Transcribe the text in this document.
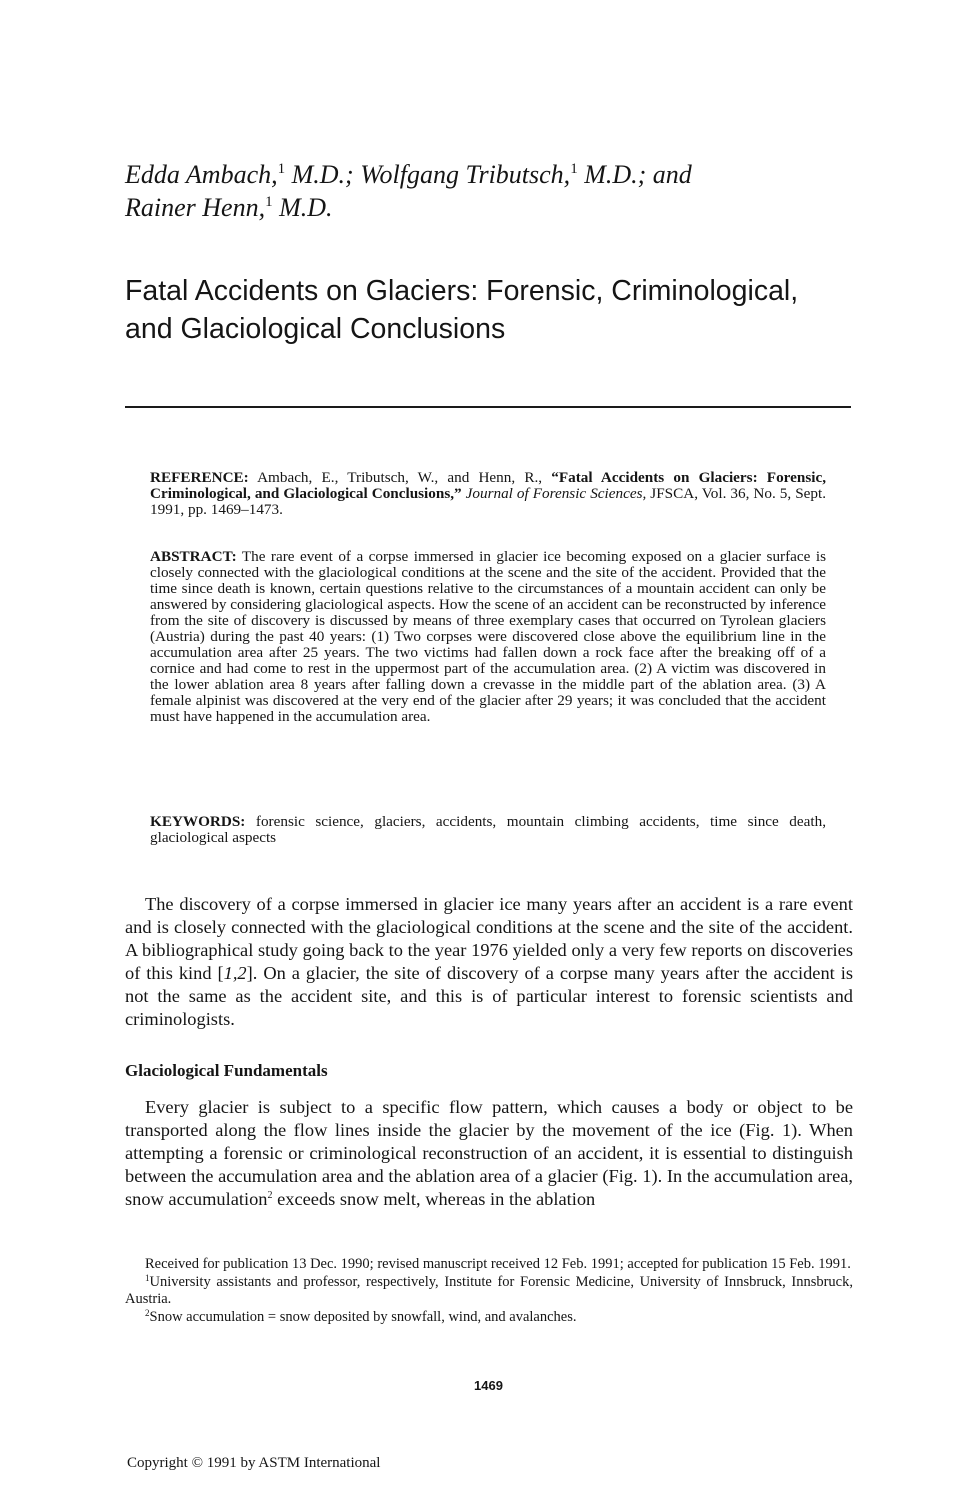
Edda Ambach,$^1$ M.D.; Wolfgang Tributsch,$^1$ M.D.; and
Rainer Henn,$^1$ M.D.
Fatal Accidents on Glaciers: Forensic, Criminological,
and Glaciological Conclusions

REFERENCE: Ambach, E., Tributsch, W., and Henn, R., “Fatal Accidents on Glaciers: Forensic, Criminological, and Glaciological Conclusions,” Journal of Forensic Sciences, JFSCA, Vol. 36, No. 5, Sept. 1991, pp. 1469–1473.

ABSTRACT: The rare event of a corpse immersed in glacier ice becoming exposed on a glacier surface is closely connected with the glaciological conditions at the scene and the site of the accident. Provided that the time since death is known, certain questions relative to the circumstances of a mountain accident can only be answered by considering glaciological aspects. How the scene of an accident can be reconstructed by inference from the site of discovery is discussed by means of three exemplary cases that occurred on Tyrolean glaciers (Austria) during the past 40 years: (1) Two corpses were discovered close above the equilibrium line in the accumulation area after 25 years. The two victims had fallen down a rock face after the breaking off of a cornice and had come to rest in the uppermost part of the accumulation area. (2) A victim was discovered in the lower ablation area 8 years after falling down a crevasse in the middle part of the ablation area. (3) A female alpinist was discovered at the very end of the glacier after 29 years; it was concluded that the accident must have happened in the accumulation area.

KEYWORDS: forensic science, glaciers, accidents, mountain climbing accidents, time since death, glaciological aspects

The discovery of a corpse immersed in glacier ice many years after an accident is a rare event and is closely connected with the glaciological conditions at the scene and the site of the accident. A bibliographical study going back to the year 1976 yielded only a very few reports on discoveries of this kind [1,2]. On a glacier, the site of discovery of a corpse many years after the accident is not the same as the accident site, and this is of particular interest to forensic scientists and criminologists.

Glaciological Fundamentals

Every glacier is subject to a specific flow pattern, which causes a body or object to be transported along the flow lines inside the glacier by the movement of the ice (Fig. 1). When attempting a forensic or criminological reconstruction of an accident, it is essential to distinguish between the accumulation area and the ablation area of a glacier (Fig. 1). In the accumulation area, snow accumulation$^2$ exceeds snow melt, whereas in the ablation

Received for publication 13 Dec. 1990; revised manuscript received 12 Feb. 1991; accepted for publication 15 Feb. 1991.

$^1$University assistants and professor, respectively, Institute for Forensic Medicine, University of Innsbruck, Innsbruck, Austria.

$^2$Snow accumulation = snow deposited by snowfall, wind, and avalanches.

1469
Copyright © 1991 by ASTM International
